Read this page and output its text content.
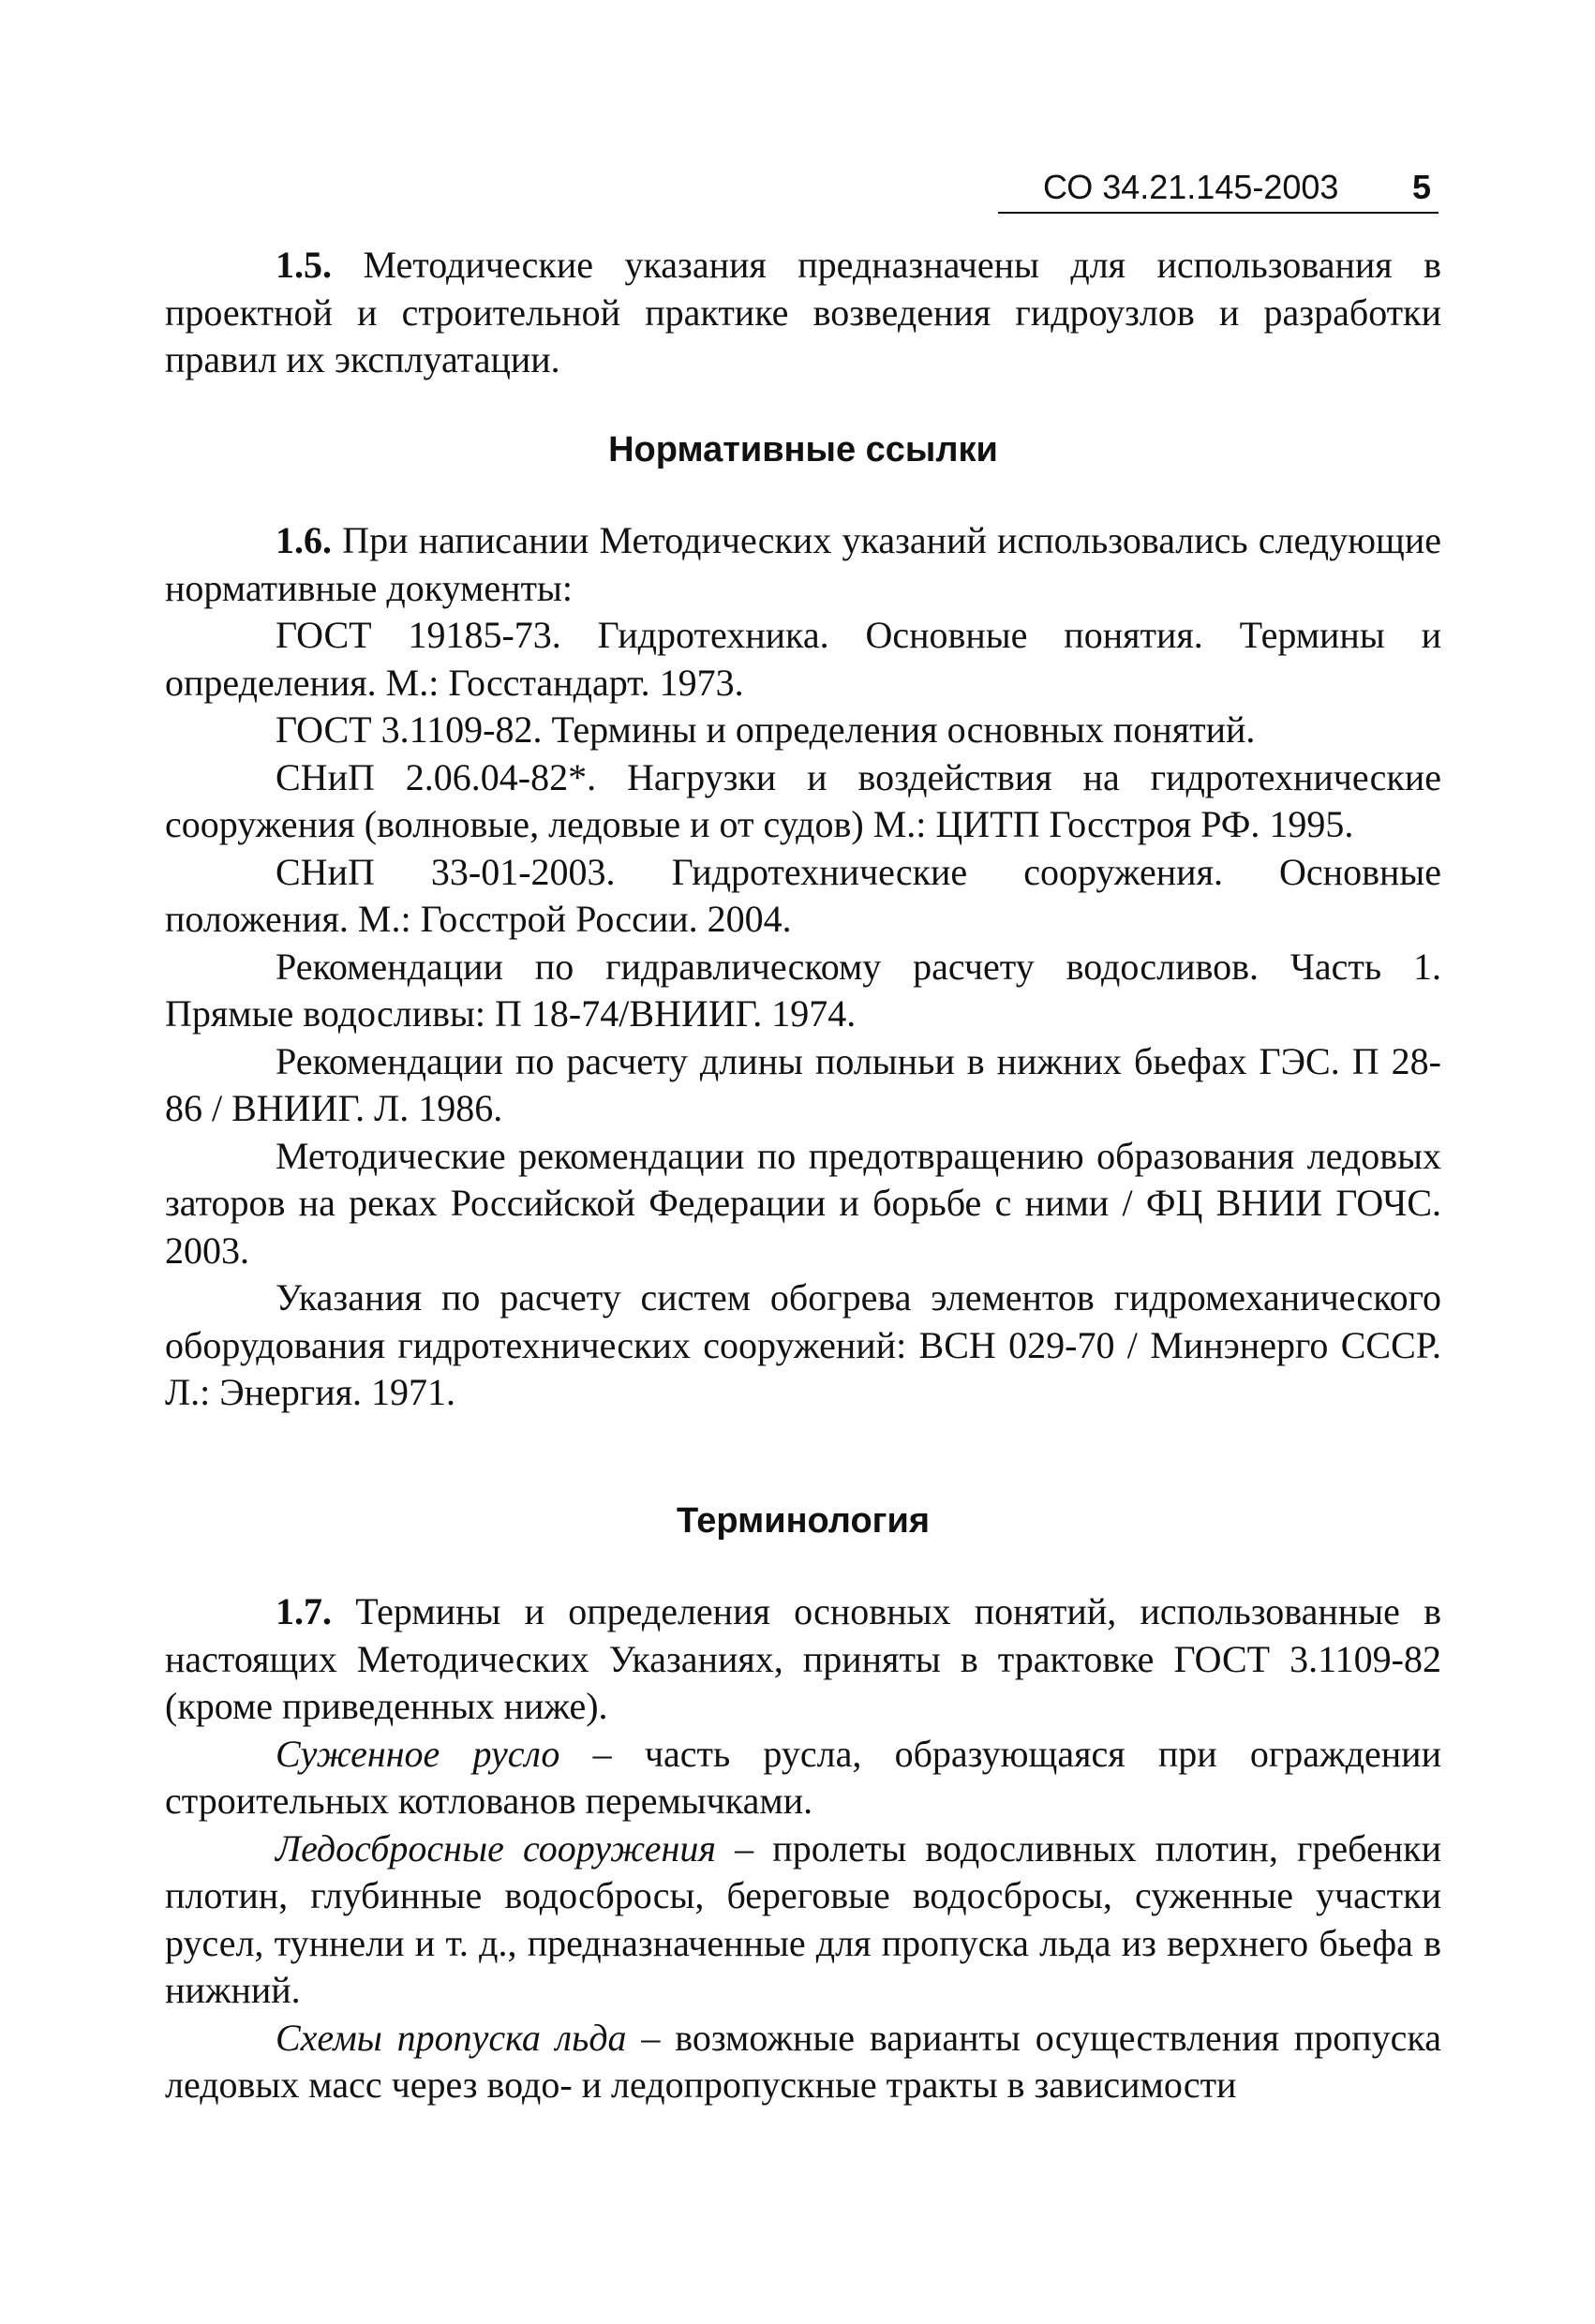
СО 34.21.145-2003 5

1.5. Методические указания предназначены для использования в проектной и строительной практике возведения гидроузлов и разработки правил их эксплуатации.

Нормативные ссылки

1.6. При написании Методических указаний использовались следующие нормативные документы:

ГОСТ 19185-73. Гидротехника. Основные понятия. Термины и определения. М.: Госстандарт. 1973.

ГОСТ 3.1109-82. Термины и определения основных понятий.

СНиП 2.06.04-82*. Нагрузки и воздействия на гидротехнические сооружения (волновые, ледовые и от судов) М.: ЦИТП Госстроя РФ. 1995.

СНиП 33-01-2003. Гидротехнические сооружения. Основные положения. М.: Госстрой России. 2004.

Рекомендации по гидравлическому расчету водосливов. Часть 1. Прямые водосливы: П 18-74/ВНИИГ. 1974.

Рекомендации по расчету длины полыньи в нижних бьефах ГЭС. П 28-86 / ВНИИГ. Л. 1986.

Методические рекомендации по предотвращению образования ледовых заторов на реках Российской Федерации и борьбе с ними / ФЦ ВНИИ ГОЧС. 2003.

Указания по расчету систем обогрева элементов гидромеханического оборудования гидротехнических сооружений: ВСН 029-70 / Минэнерго СССР. Л.: Энергия. 1971.

Терминология

1.7. Термины и определения основных понятий, использованные в настоящих Методических Указаниях, приняты в трактовке ГОСТ 3.1109-82 (кроме приведенных ниже).

Суженное русло – часть русла, образующаяся при ограждении строительных котлованов перемычками.

Ледосбросные сооружения – пролеты водосливных плотин, гребенки плотин, глубинные водосбросы, береговые водосбросы, суженные участки русел, туннели и т. д., предназначенные для пропуска льда из верхнего бьефа в нижний.

Схемы пропуска льда – возможные варианты осуществления пропуска ледовых масс через водо- и ледопропускные тракты в зависимости
